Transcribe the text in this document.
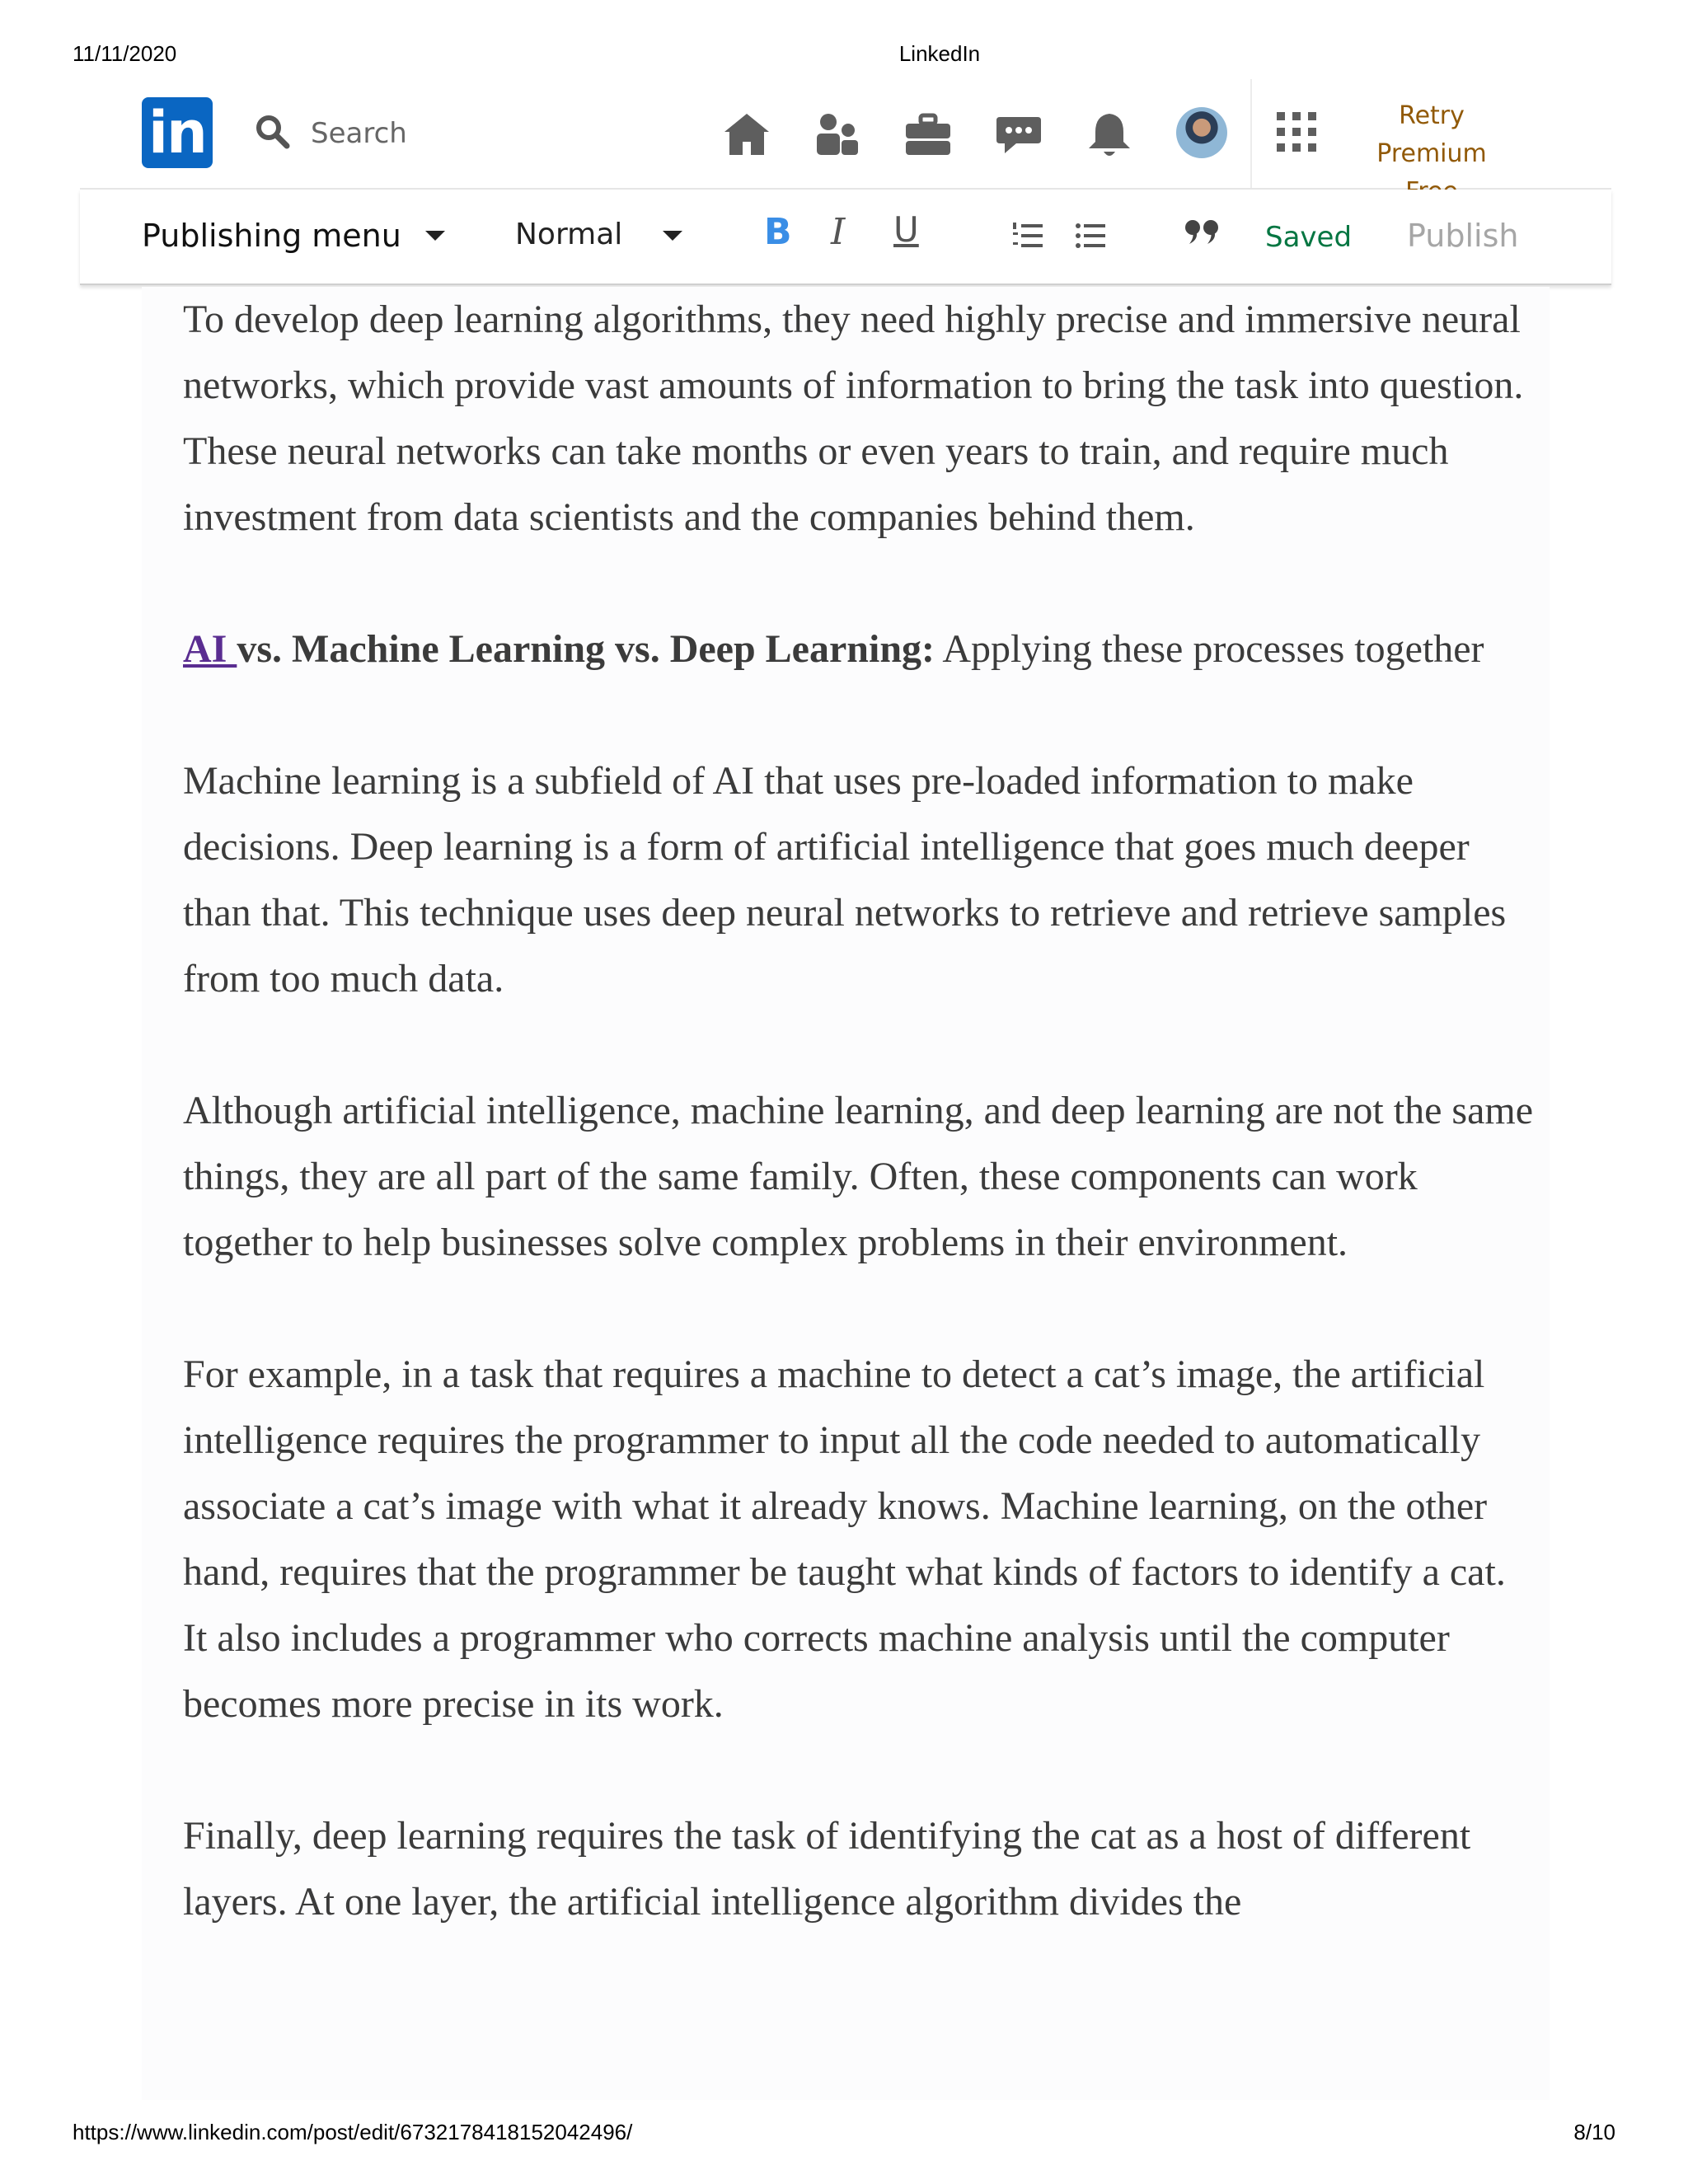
11/11/2020	LinkedIn
in	Search
Retry Premium
Publishing menu	Normal	B I U	Saved Publish

To develop deep learning algorithms, they need highly precise and immersive neural networks, which provide vast amounts of information to bring the task into question. These neural networks can take months or even years to train, and require much investment from data scientists and the companies behind them.

AI vs. Machine Learning vs. Deep Learning: Applying these processes together

Machine learning is a subfield of AI that uses pre-loaded information to make decisions. Deep learning is a form of artificial intelligence that goes much deeper than that. This technique uses deep neural networks to retrieve and retrieve samples from too much data.

Although artificial intelligence, machine learning, and deep learning are not the same things, they are all part of the same family. Often, these components can work together to help businesses solve complex problems in their environment.

For example, in a task that requires a machine to detect a cat’s image, the artificial intelligence requires the programmer to input all the code needed to automatically associate a cat’s image with what it already knows. Machine learning, on the other hand, requires that the programmer be taught what kinds of factors to identify a cat. It also includes a programmer who corrects machine analysis until the computer becomes more precise in its work.

Finally, deep learning requires the task of identifying the cat as a host of different layers. At one layer, the artificial intelligence algorithm divides the

https://www.linkedin.com/post/edit/6732178418152042496/	8/10
